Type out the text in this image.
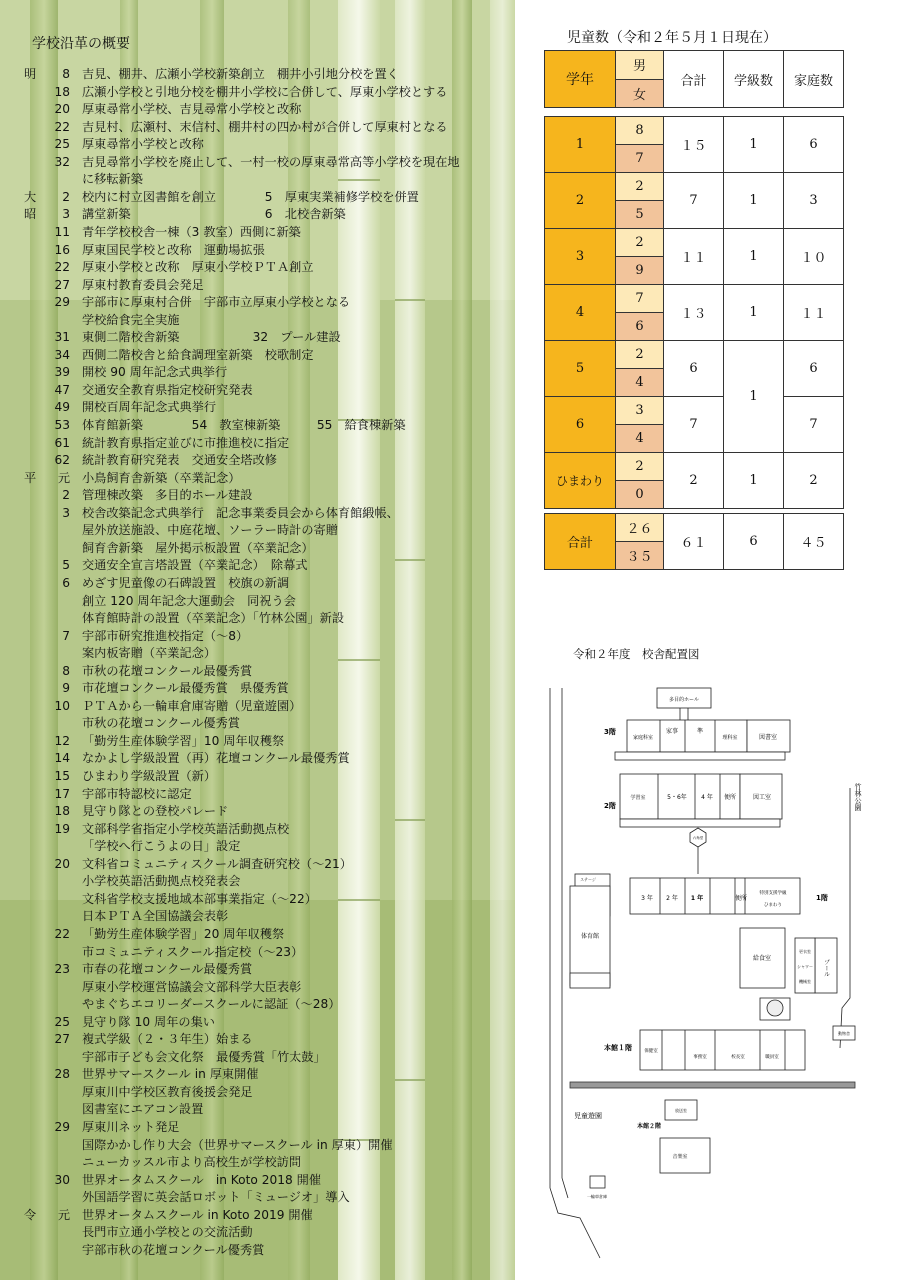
学校沿革の概要
明	8 吉見、棚井、広瀬小学校新築創立　棚井小引地分校を置く
18 広瀬小学校と引地分校を棚井小学校に合併して、厚東小学校とする
20 厚東尋常小学校、吉見尋常小学校と改称
22 吉見村、広瀬村、末信村、棚井村の四か村が合併して厚東村となる
25 厚東尋常小学校と改称
32 吉見尋常小学校を廃止して、一村一校の厚東尋常高等小学校を現在地
に移転新築
大	2 校内に村立図書館を創立　　　　5　厚東実業補修学校を併置
昭	3 講堂新築　　　　　　　　　　　6　北校舎新築
11 青年学校校舎一棟（3 教室）西側に新築
16 厚東国民学校と改称　運動場拡張
22 厚東小学校と改称　厚東小学校ＰＴＡ創立
27 厚東村教育委員会発足
29 宇部市に厚東村合併　宇部市立厚東小学校となる
学校給食完全実施
31 東側二階校舎新築　　　　　　32　プール建設
34 西側二階校舎と給食調理室新築　校歌制定
39 開校 90 周年記念式典挙行
47 交通安全教育県指定校研究発表
49 開校百周年記念式典挙行
53 体育館新築　　　　54　教室棟新築　　　55　給食棟新築
61 統計教育県指定並びに市推進校に指定
62 統計教育研究発表　交通安全塔改修
平	元 小鳥飼育舎新築（卒業記念）
2 管理棟改築　多目的ホール建設
3 校舎改築記念式典挙行　記念事業委員会から体育館緞帳、
屋外放送施設、中庭花壇、ソーラー時計の寄贈
飼育舎新築　屋外掲示板設置（卒業記念）
5 交通安全宣言塔設置（卒業記念）　除幕式
6 めざす児童像の石碑設置　校旗の新調
創立 120 周年記念大運動会　同祝う会
体育館時計の設置（卒業記念）「竹林公園」新設
7 宇部市研究推進校指定（～8）
案内板寄贈（卒業記念）
8 市秋の花壇コンクール最優秀賞
9 市花壇コンクール最優秀賞　県優秀賞
10 ＰＴＡから一輪車倉庫寄贈（児童遊園）
市秋の花壇コンクール優秀賞
12 「勤労生産体験学習」10 周年収穫祭
14 なかよし学級設置（再）花壇コンクール最優秀賞
15 ひまわり学級設置（新）
17 宇部市特認校に認定
18 見守り隊との登校パレード
19 文部科学省指定小学校英語活動拠点校
「学校へ行こうよの日」設定
20 文科省コミュニティスクール調査研究校（～21）
小学校英語活動拠点校発表会
文科省学校支援地域本部事業指定（～22）
日本ＰＴＡ全国協議会表彰
22 「勤労生産体験学習」20 周年収穫祭
市コミュニティスクール指定校（～23）
23 市春の花壇コンクール最優秀賞
厚東小学校運営協議会文部科学大臣表彰
やまぐちエコリーダースクールに認証（～28）
25 見守り隊 10 周年の集い
27 複式学級（２・３年生）始まる
宇部市子ども会文化祭　最優秀賞「竹太鼓」
28 世界サマースクール in 厚東開催
厚東川中学校区教育後援会発足
図書室にエアコン設置
29 厚東川ネット発足
国際かかし作り大会（世界サマースクール in 厚東）開催
ニューカッスル市より高校生が学校訪問
30 世界オータムスクール　in Koto 2018 開催
外国語学習に英会話ロボット「ミュージオ」導入
令	元 世界オータムスクール in Koto 2019 開催
長門市立通小学校との交流活動
宇部市秋の花壇コンクール優秀賞
児童数（令和２年５月１日現在）
学年	男	合計	学級数	家庭数
	女			

1	8	１５	1	6
	7			
2	2	7	1	3
	5			
3	2	１１	1	１０
	9			
4	7	１３	1	１１
	6			
5	2	6	1	6
	4			
6	3	7		7
	4			
ひまわり	2	2	1	2
	0			

合計	２６	６１	6	４５
	３５			
令和２年度　校舎配置図
多目的ホール
3階
家庭科室
家事	準
理科室	図書室
2階
学習室	5・6年 4 年 便所	図工室	竹林公園
六角堂
ステージ
3 年 2 年 1 年	便所
特別支援学級
ひまわり
1階
体育館
給食室
プール
更衣室
シャワー
機械室
本館１階	保健室
事務室	校長室	職員室
動物舎
児童遊園
本館２階
放送室
音楽室
一輪車倉庫
